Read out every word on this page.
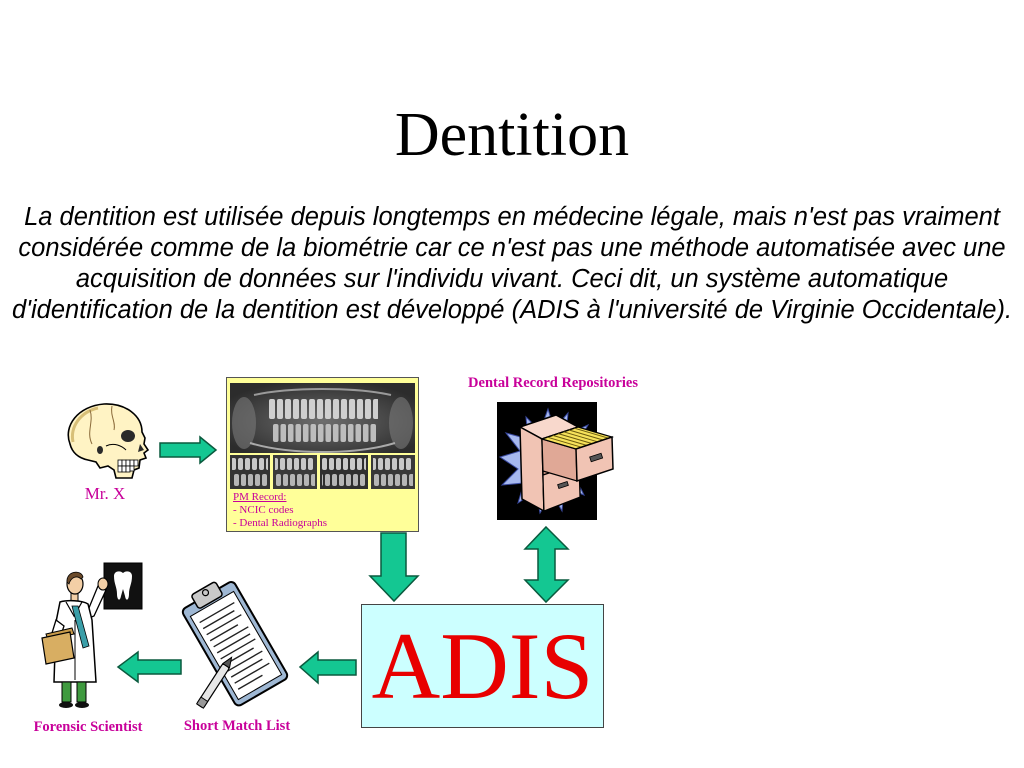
Dentition
La dentition est utilisée depuis longtemps en médecine légale, mais n'est pas vraiment
considérée comme de la biométrie car ce n'est pas une méthode automatisée avec une
acquisition de données sur l'individu vivant. Ceci dit, un système automatique
d'identification de la dentition est développé (ADIS à l'université de Virginie Occidentale).
Mr. X	PM Record:
- NCIC codes
- Dental Radiographs
Dental Record Repositories
ADIS
Short Match List
Forensic Scientist
